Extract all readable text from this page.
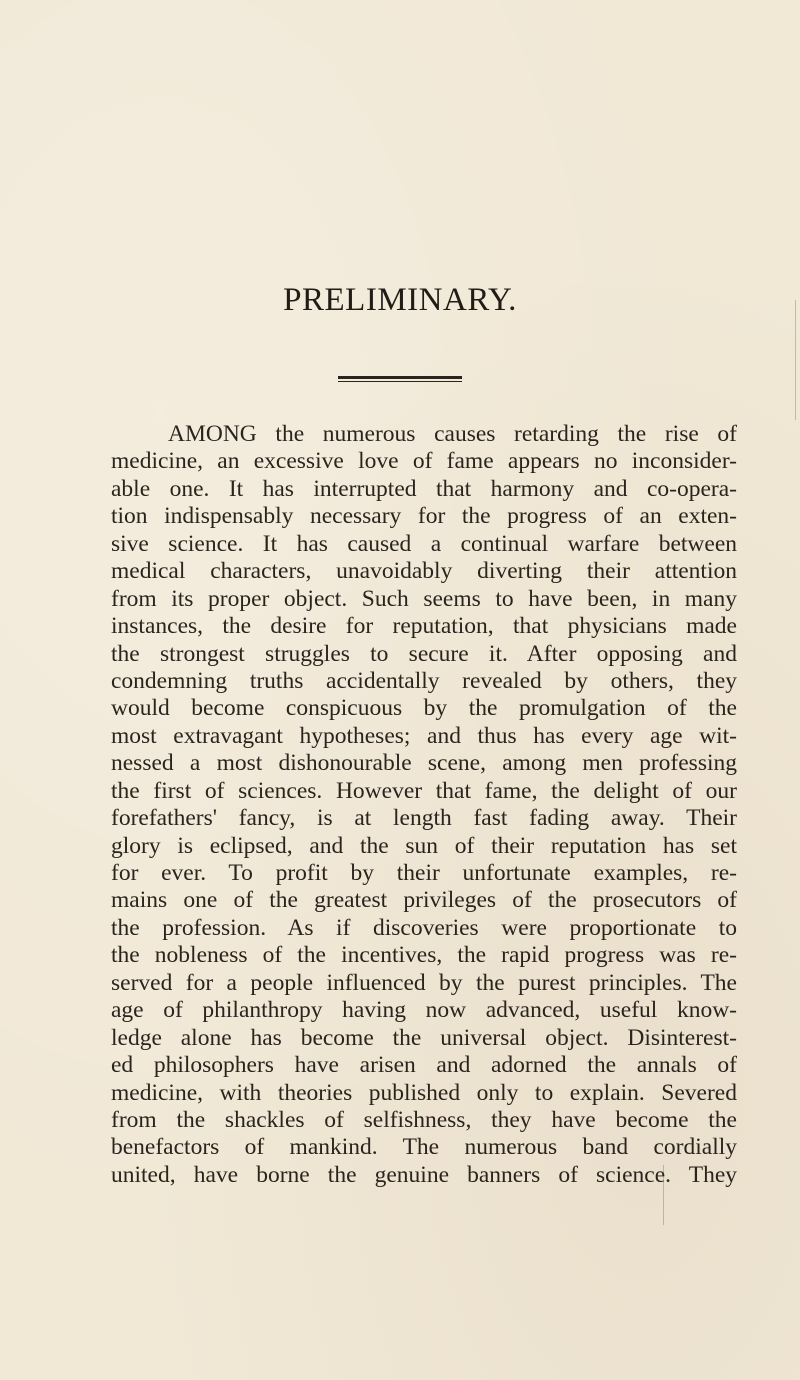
PRELIMINARY.
AMONG the numerous causes retarding the rise of
medicine, an excessive love of fame appears no inconsider-
able one. It has interrupted that harmony and co-opera-
tion indispensably necessary for the progress of an exten-
sive science. It has caused a continual warfare between
medical characters, unavoidably diverting their attention
from its proper object. Such seems to have been, in many
instances, the desire for reputation, that physicians made
the strongest struggles to secure it. After opposing and
condemning truths accidentally revealed by others, they
would become conspicuous by the promulgation of the
most extravagant hypotheses; and thus has every age wit-
nessed a most dishonourable scene, among men professing
the first of sciences. However that fame, the delight of our
forefathers' fancy, is at length fast fading away. Their
glory is eclipsed, and the sun of their reputation has set
for ever. To profit by their unfortunate examples, re-
mains one of the greatest privileges of the prosecutors of
the profession. As if discoveries were proportionate to
the nobleness of the incentives, the rapid progress was re-
served for a people influenced by the purest principles. The
age of philanthropy having now advanced, useful know-
ledge alone has become the universal object. Disinterest-
ed philosophers have arisen and adorned the annals of
medicine, with theories published only to explain. Severed
from the shackles of selfishness, they have become the
benefactors of mankind. The numerous band cordially
united, have borne the genuine banners of science. They
